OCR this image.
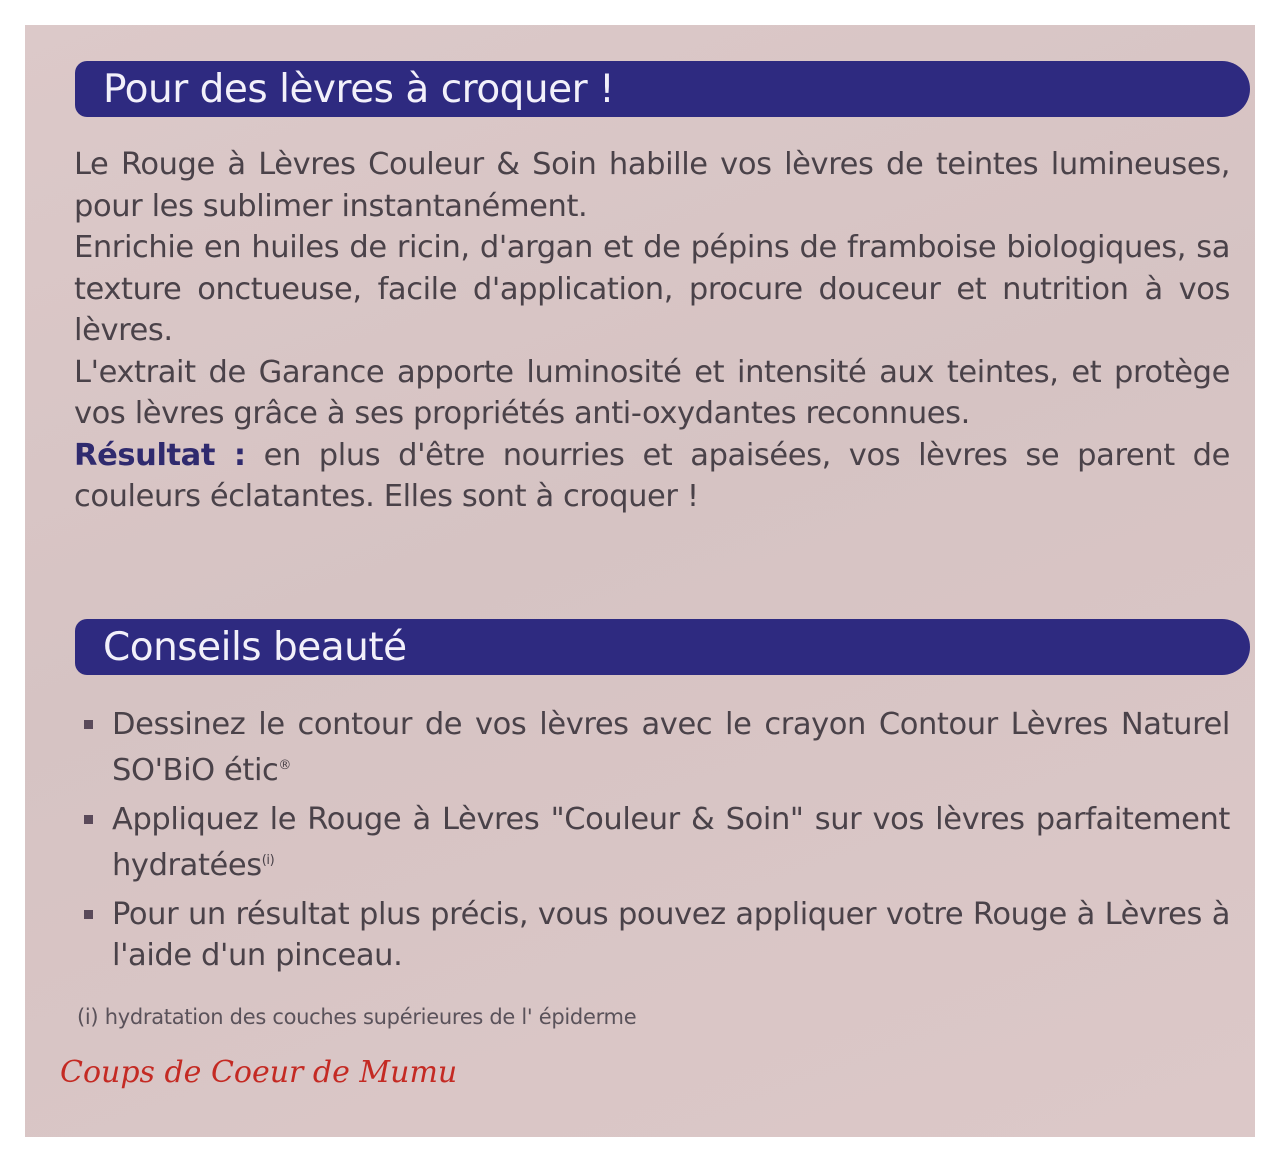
Pour des lèvres à croquer !

Le Rouge à Lèvres Couleur & Soin habille vos lèvres de teintes lumineuses, pour les sublimer instantanément.

Enrichie en huiles de ricin, d'argan et de pépins de framboise biologiques, sa texture onctueuse, facile d'application, procure douceur et nutrition à vos lèvres.

L'extrait de Garance apporte luminosité et intensité aux teintes, et protège vos lèvres grâce à ses propriétés anti-oxydantes reconnues.

Résultat : en plus d'être nourries et apaisées, vos lèvres se parent de couleurs éclatantes. Elles sont à croquer !

Conseils beauté
Dessinez le contour de vos lèvres avec le crayon Contour Lèvres Naturel SO'BiO étic®
Appliquez le Rouge à Lèvres "Couleur & Soin" sur vos lèvres parfaitement hydratées$^{(i)}$
Pour un résultat plus précis, vous pouvez appliquer votre Rouge à Lèvres à l'aide d'un pinceau.
(i) hydratation des couches supérieures de l' épiderme
Coups de Coeur de Mumu
